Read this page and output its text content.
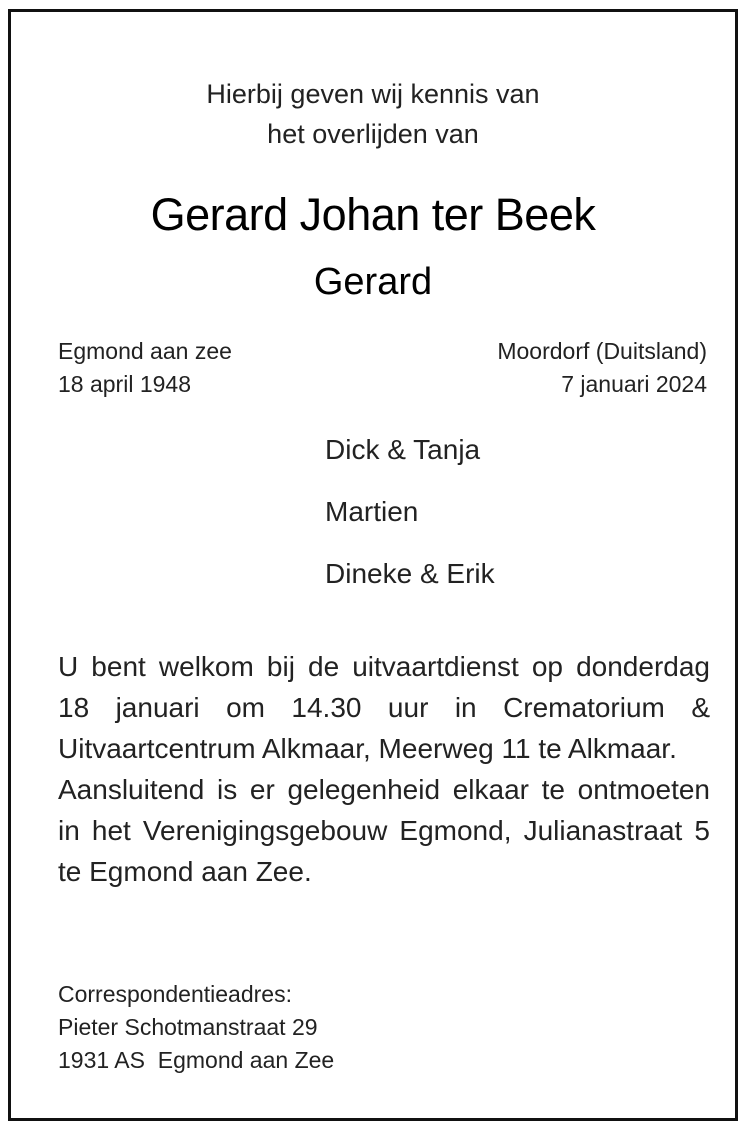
Hierbij geven wij kennis van
het overlijden van
Gerard Johan ter Beek
Gerard
Egmond aan zee
18 april 1948
Moordorf (Duitsland)
7 januari 2024
Dick & Tanja
Martien
Dineke & Erik

U bent welkom bij de uitvaartdienst op donderdag 18 januari om 14.30 uur in Crematorium & Uitvaartcentrum Alkmaar, Meerweg 11 te Alkmaar.

Aansluitend is er gelegenheid elkaar te ontmoeten in het Verenigingsgebouw Egmond, Julianastraat 5 te Egmond aan Zee.

Correspondentieadres:
Pieter Schotmanstraat 29
1931 AS  Egmond aan Zee
